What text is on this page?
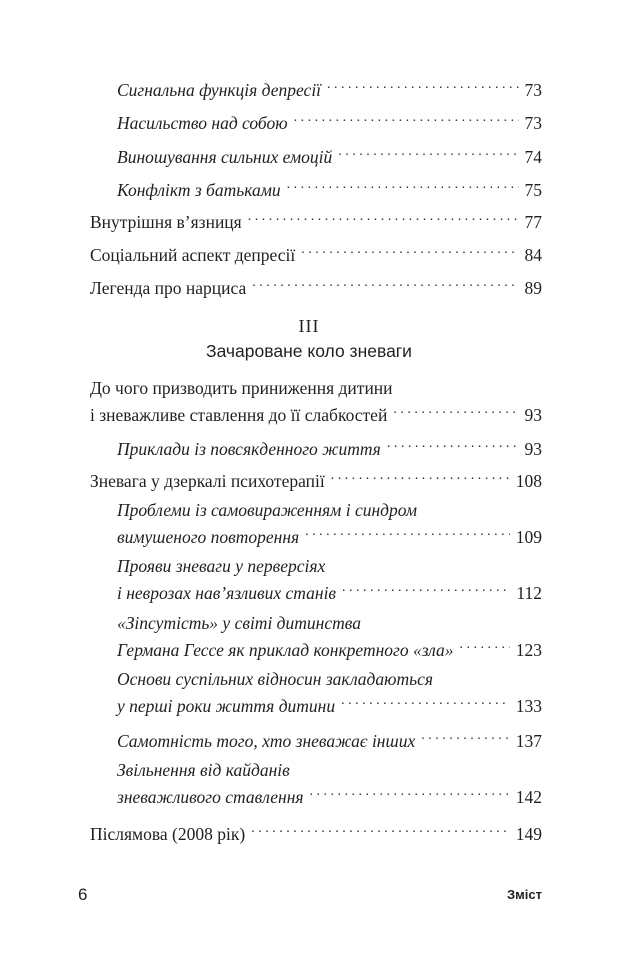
Сигнальна функція депресії . . .	73
Насильство над собою . . .	73
Виношування сильних емоцій . . .	74
Конфлікт з батьками . . .	75
Внутрішня в’язниця . . .	77
Соціальний аспект депресії . . .	84
Легенда про нарциса . . .	89
III
Зачароване коло зневаги
До чого призводить приниження дитини
і зневажливе ставлення до її слабкостей . . .	93
Приклади із повсякденного життя . . .	93
Зневага у дзеркалі психотерапії . . .	108
Проблеми із самовираженням і синдром
вимушеного повторення . . .	109
Прояви зневаги у перверсіях
і неврозах нав’язливих станів . . .	112
«Зіпсутість» у світі дитинства
Германа Гессе як приклад конкретного «зла» . . .	123
Основи суспільних відносин закладаються
у перші роки життя дитини . . .	133
Самотність того, хто зневажає інших . . .	137
Звільнення від кайданів
зневажливого ставлення . . .	142
Післямова (2008 рік) . . .	149
6	Зміст
